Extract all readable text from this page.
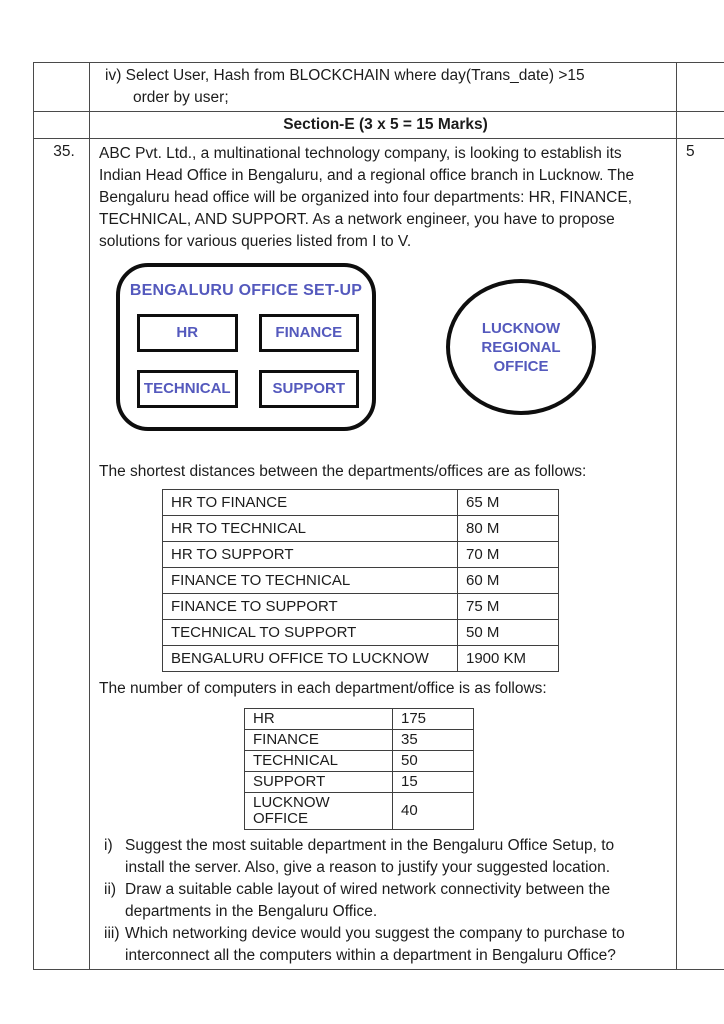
iv) Select User, Hash from BLOCKCHAIN where day(Trans_date) >15
order by user;

	Section-E (3 x 5 = 15 Marks)	
35.	ABC Pvt. Ltd., a multinational technology company, is looking to establish its Indian Head Office in Bengaluru, and a regional office branch in Lucknow. The Bengaluru head office will be organized into four departments: HR, FINANCE, TECHNICAL, AND SUPPORT. As a network engineer, you have to propose solutions for various queries listed from I to V.
BENGALURU OFFICE SET-UP
HR	FINANCE
TECHNICAL	SUPPORT
LUCKNOW REGIONAL OFFICE
The shortest distances between the departments/offices are as follows:
HR TO FINANCE	65 M
HR TO TECHNICAL	80 M
HR TO SUPPORT	70 M
FINANCE TO TECHNICAL	60 M
FINANCE TO SUPPORT	75 M
TECHNICAL TO SUPPORT	50 M
BENGALURU OFFICE TO LUCKNOW	1900 KM
The number of computers in each department/office is as follows:
HR	175
FINANCE	35
TECHNICAL	50
SUPPORT	15
LUCKNOW OFFICE	40
i) Suggest the most suitable department in the Bengaluru Office Setup, to install the server. Also, give a reason to justify your suggested location.
ii) Draw a suitable cable layout of wired network connectivity between the departments in the Bengaluru Office.
iii) Which networking device would you suggest the company to purchase to interconnect all the computers within a department in Bengaluru Office?
	5
